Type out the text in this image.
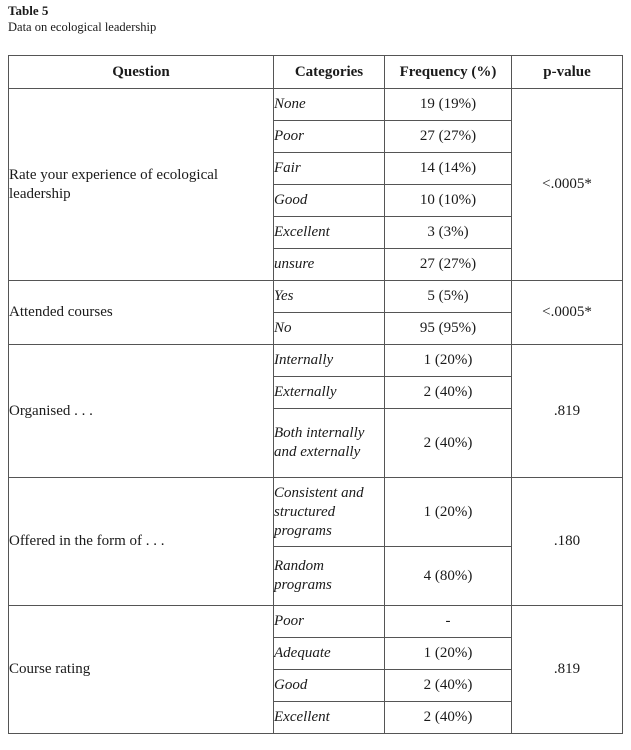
Table 5

Data on ecological leadership

Question	Categories	Frequency (%)	p-value
Rate your experience of ecological leadership	None	19 (19%)	<.0005*
	Poor	27 (27%)	
	Fair	14 (14%)	
	Good	10 (10%)	
	Excellent	3 (3%)	
	unsure	27 (27%)	
Attended courses	Yes	5 (5%)	<.0005*
	No	95 (95%)	
Organised . . .	Internally	1 (20%)	.819
	Externally	2 (40%)	
	Both internally and externally	2 (40%)	
Offered in the form of . . .	Consistent and structured programs	1 (20%)	.180
	Random programs	4 (80%)	
Course rating	Poor	-	.819
	Adequate	1 (20%)	
	Good	2 (40%)	
	Excellent	2 (40%)	
